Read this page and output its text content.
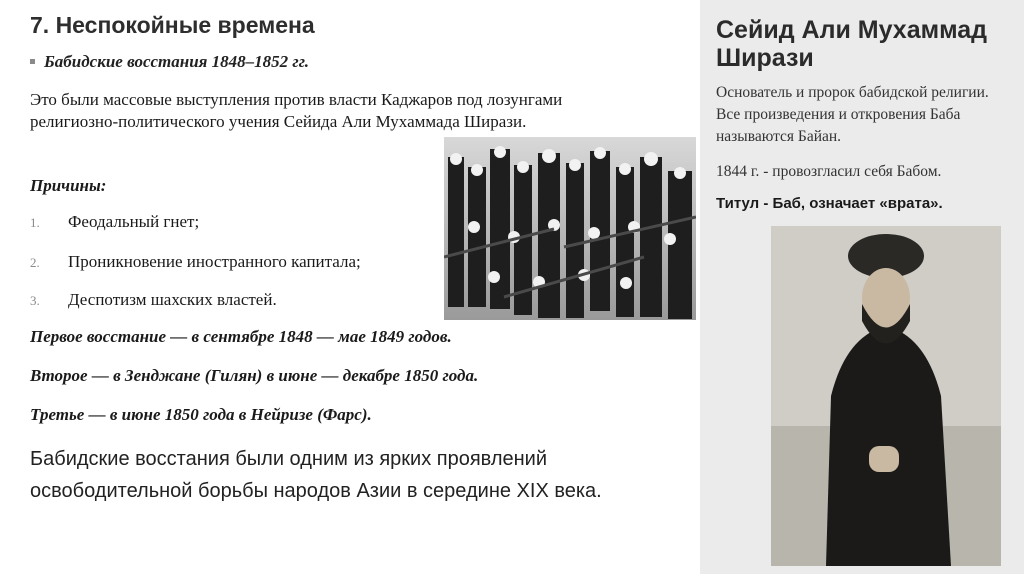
7. Неспокойные времена
Бабидские восстания 1848–1852 гг.

Это были массовые выступления против власти Каджаров под лозунгами религиозно-политического учения Сейида Али Мухаммада Ширази.

Причины:

1. Феодальный гнет;
2. Проникновение иностранного капитала;
3. Деспотизм шахских властей.

Первое восстание — в сентябре 1848 — мае 1849 годов.

Второе — в Зенджане (Гилян) в июне — декабре 1850 года.

Третье — в июне 1850 года в Нейризе (Фарс).

Бабидские восстания были одним из ярких проявлений освободительной борьбы народов Азии в середине XIX века.

Сейид Али Мухаммад Ширази

Основатель и пророк бабидской религии. Все произведения и откровения Баба называются Байан.

1844 г. - провозгласил себя Бабом.

Титул - Баб, означает «врата».
